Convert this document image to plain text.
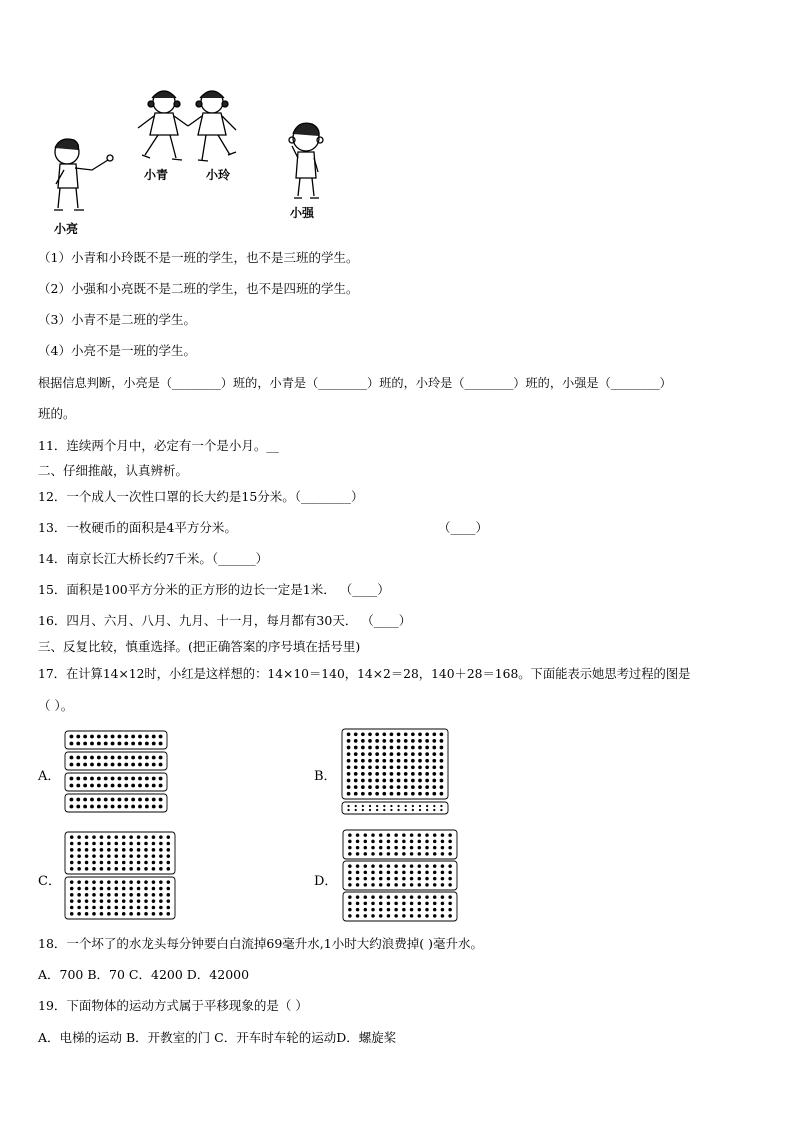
小青	小玲
小亮
小强
（1）小青和小玲既不是一班的学生，也不是三班的学生。
（2）小强和小亮既不是二班的学生，也不是四班的学生。
（3）小青不是二班的学生。
（4）小亮不是一班的学生。
根据信息判断，小亮是（________）班的，小青是（________）班的，小玲是（________）班的，小强是（________）
班的。
11．连续两个月中，必定有一个是小月。__
二、仔细推敲，认真辨析。
12．一个成人一次性口罩的长大约是15分米。（________）
13．一枚硬币的面积是4平方分米。	（____）
14．南京长江大桥长约7千米。（______）
15．面积是100平方分米的正方形的边长一定是1米． （____）
16．四月、六月、八月、九月、十一月，每月都有30天． （____）
三、反复比较，慎重选择。(把正确答案的序号填在括号里)
17．在计算14×12时，小红是这样想的：14×10＝140，14×2＝28，140＋28＝168。下面能表示她思考过程的图是
（ ）。
A．	B．
C．	D．
18．一个坏了的水龙头每分钟要白白流掉69毫升水,1小时大约浪费掉( )毫升水。
A．700 B．70 C．4200 D．42000
19．下面物体的运动方式属于平移现象的是（ ）
A．电梯的运动 B．开教室的门 C．开车时车轮的运动D．螺旋桨
